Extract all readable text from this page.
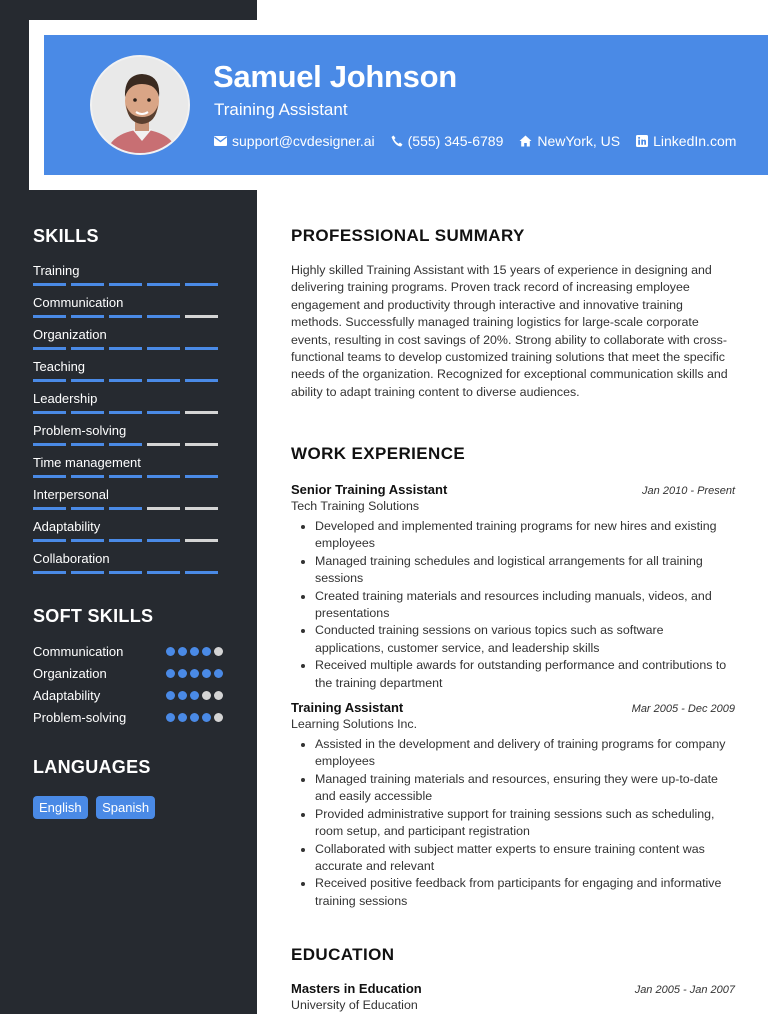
Samuel Johnson
Training Assistant
support@cvdesigner.ai (555) 345-6789 NewYork, US LinkedIn.com
SKILLS
Training
Communication
Organization
Teaching
Leadership
Problem-solving
Time management
Interpersonal
Adaptability
Collaboration
SOFT SKILLS
Communication
Organization
Adaptability
Problem-solving
LANGUAGES
English Spanish
PROFESSIONAL SUMMARY

Highly skilled Training Assistant with 15 years of experience in designing and delivering training programs. Proven track record of increasing employee engagement and productivity through interactive and innovative training methods. Successfully managed training logistics for large-scale corporate events, resulting in cost savings of 20%. Strong ability to collaborate with cross-functional teams to develop customized training solutions that meet the specific needs of the organization. Recognized for exceptional communication skills and ability to adapt training content to diverse audiences.

WORK EXPERIENCE
Senior Training Assistant	Jan 2010 - Present
Tech Training Solutions
• Developed and implemented training programs for new hires and existing employees
• Managed training schedules and logistical arrangements for all training sessions
• Created training materials and resources including manuals, videos, and presentations
• Conducted training sessions on various topics such as software applications, customer service, and leadership skills
• Received multiple awards for outstanding performance and contributions to the training department
Training Assistant	Mar 2005 - Dec 2009
Learning Solutions Inc.
• Assisted in the development and delivery of training programs for company employees
• Managed training materials and resources, ensuring they were up-to-date and easily accessible
• Provided administrative support for training sessions such as scheduling, room setup, and participant registration
• Collaborated with subject matter experts to ensure training content was accurate and relevant
• Received positive feedback from participants for engaging and informative training sessions
EDUCATION
Masters in Education	Jan 2005 - Jan 2007
University of Education
